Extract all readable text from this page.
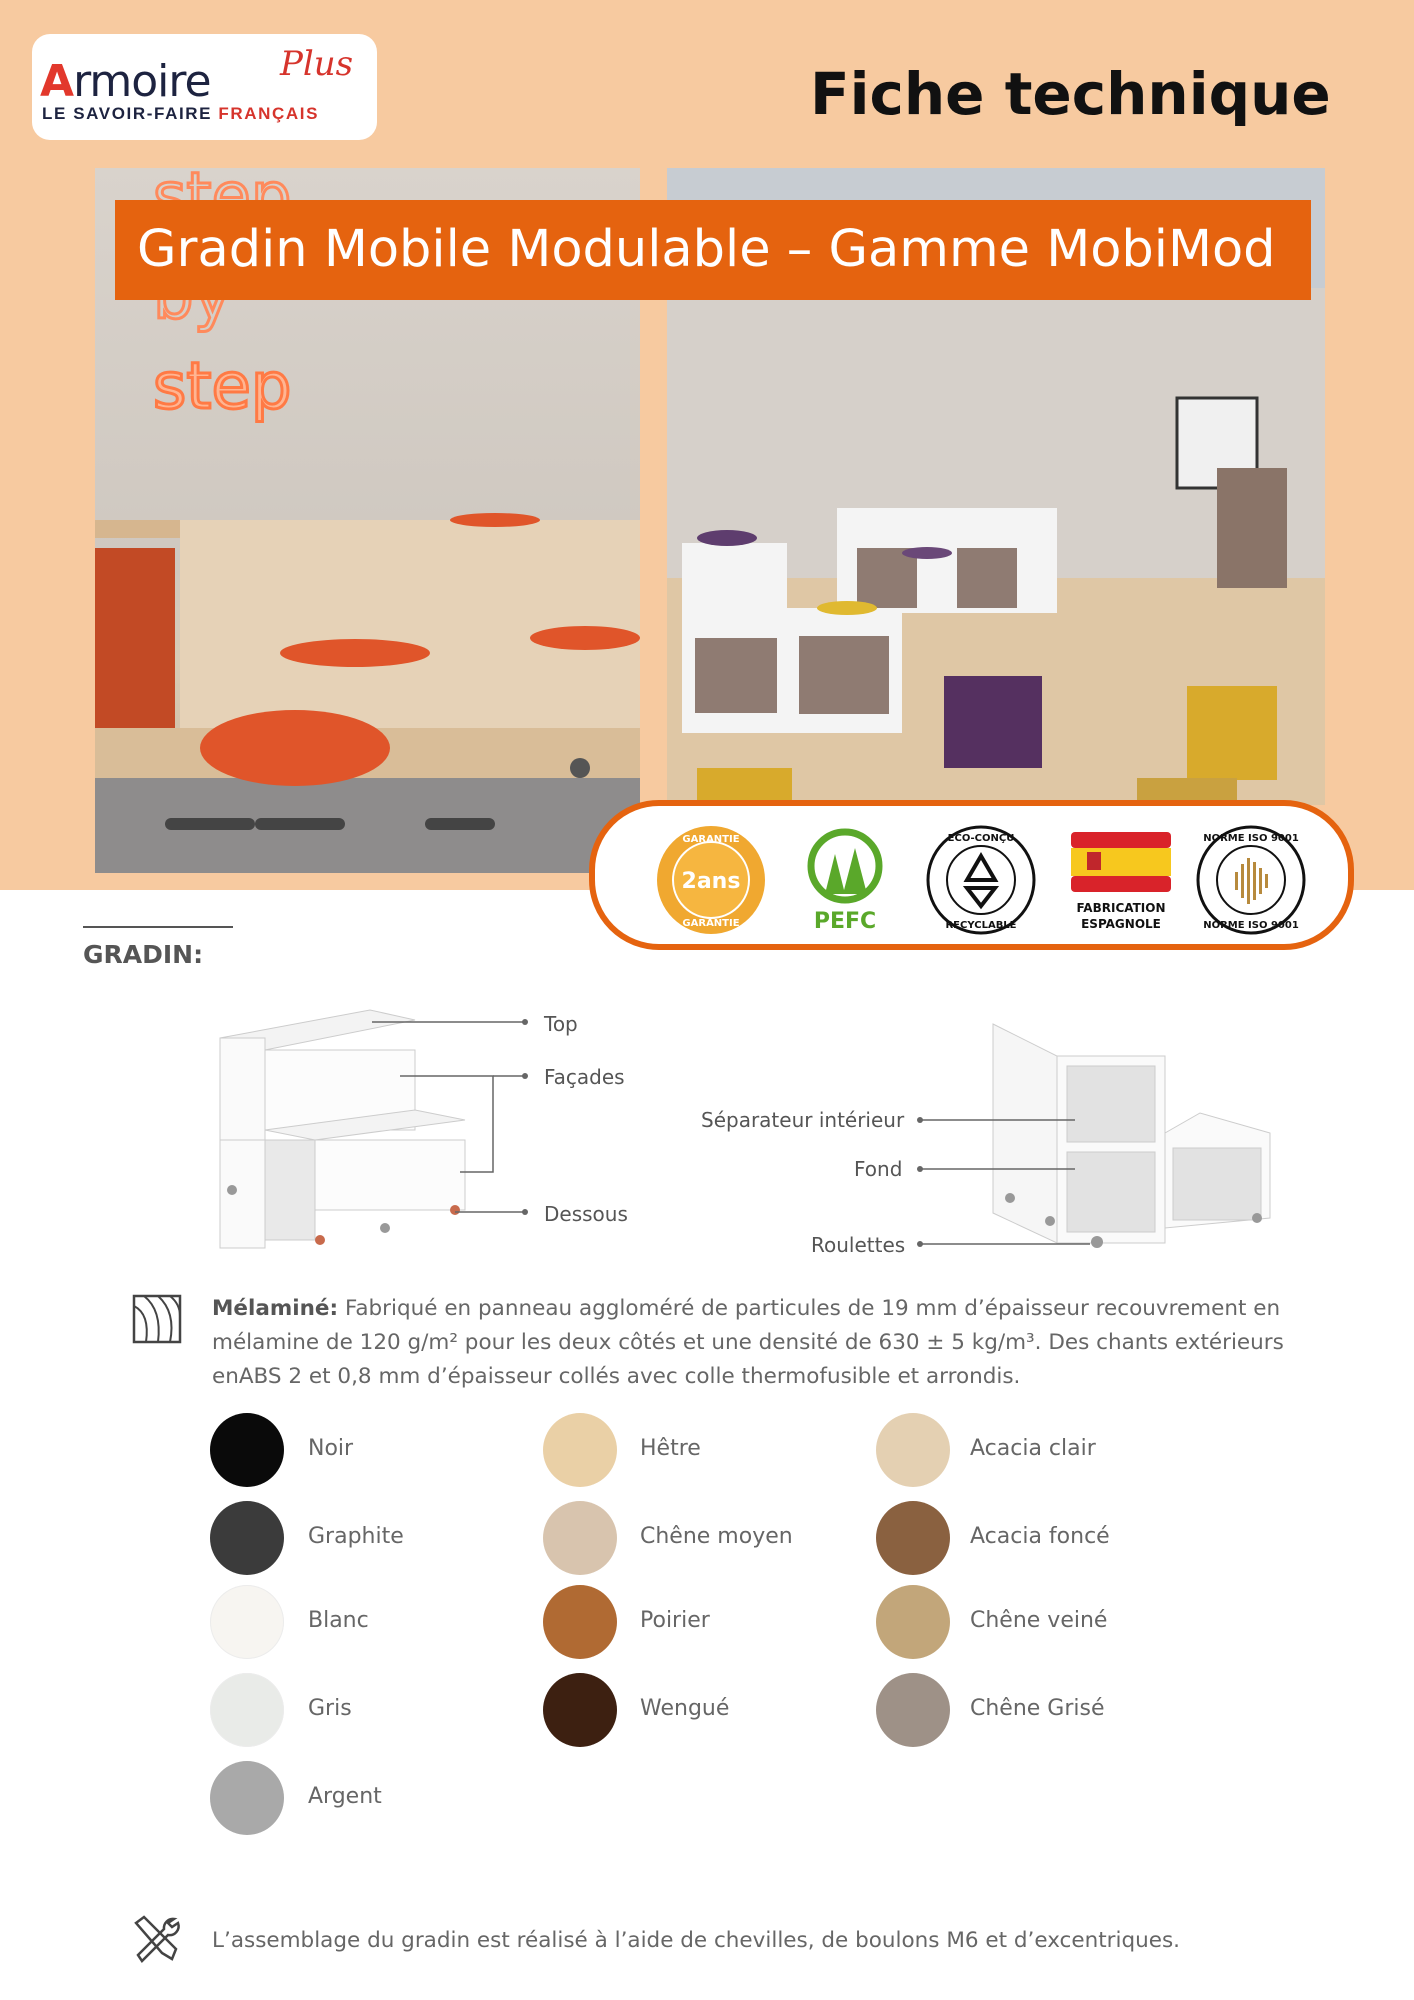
Armoire Plus
LE SAVOIR-FAIRE FRANÇAIS	Fiche technique
step
Gradin Mobile Modulable – Gamme MobiMod
GARANTIE
2ans
GARANTIE	PEFC
ECO-CONÇU
RECYCLABLE
FABRICATION
ESPAGNOLE
NORME ISO 9001
NORME ISO 9001
GRADIN:
Top
Façades
Dessous
Séparateur intérieur
Fond
Roulettes
Mélaminé: Fabriqué en panneau aggloméré de particules de 19 mm d’épaisseur recouvrement en mélamine de 120 g/m² pour les deux côtés et une densité de 630 ± 5 kg/m³. Des chants extérieurs enABS 2 et 0,8 mm d’épaisseur collés avec colle thermofusible et arrondis.
Noir
Graphite
Blanc
Gris
Argent
Hêtre
Chêne moyen
Poirier
Wengué
Acacia clair
Acacia foncé
Chêne veiné
Chêne Grisé
L’assemblage du gradin est réalisé à l’aide de chevilles, de boulons M6 et d’excentriques.
